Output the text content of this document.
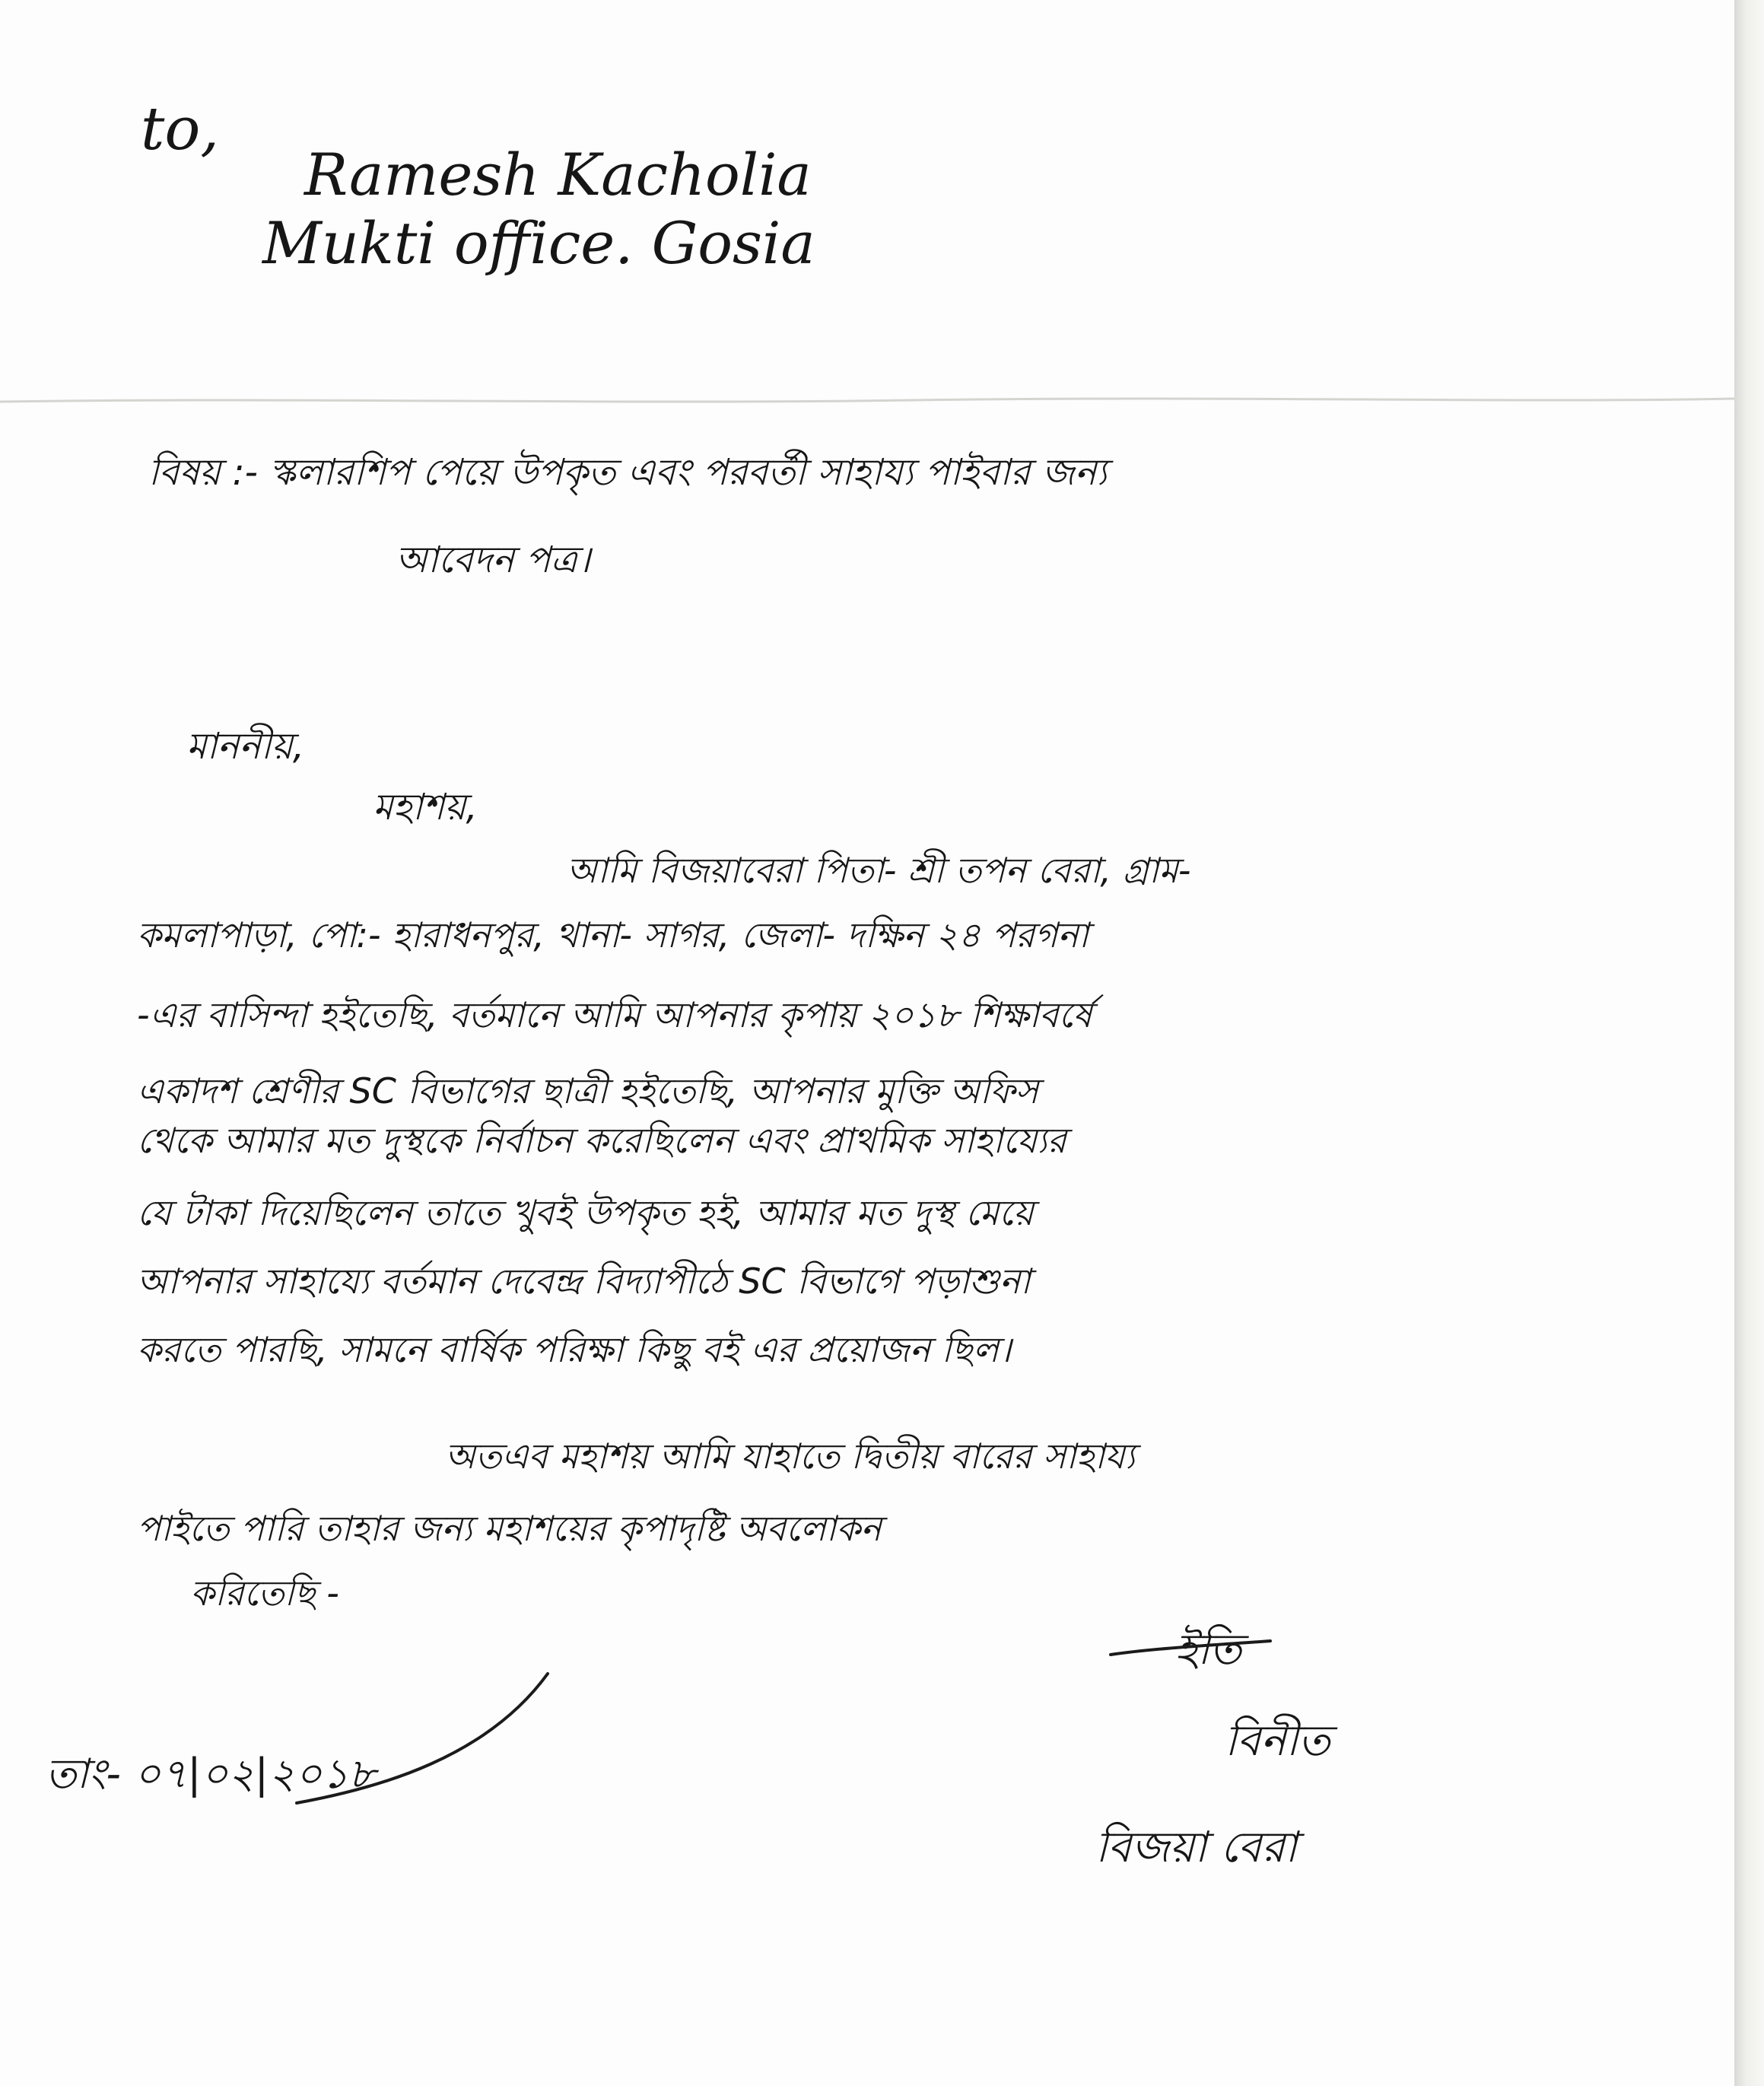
to,
Ramesh Kacholia
Mukti office. Gosia
বিষয় :- স্কলারশিপ পেয়ে উপকৃত এবং পরবর্তী সাহায্য পাইবার জন্য
আবেদন পত্র।
মাননীয়,
মহাশয়,
আমি বিজয়াবেরা পিতা- শ্রী তপন বেরা, গ্রাম-
কমলাপাড়া, পো:- হারাধনপুর, থানা- সাগর, জেলা- দক্ষিন ২৪ পরগনা
-এর বাসিন্দা হইতেছি, বর্তমানে আমি আপনার কৃপায় ২০১৮ শিক্ষাবর্ষে
একাদশ শ্রেণীর SC বিভাগের ছাত্রী হইতেছি, আপনার মুক্তি অফিস
থেকে আমার মত দুস্থকে নির্বাচন করেছিলেন এবং প্রাথমিক সাহায্যের
যে টাকা দিয়েছিলেন তাতে খুবই উপকৃত হই, আমার মত দুস্থ মেয়ে
আপনার সাহায্যে বর্তমান দেবেন্দ্র বিদ্যাপীঠে SC বিভাগে পড়াশুনা
করতে পারছি, সামনে বার্ষিক পরিক্ষা কিছু বই এর প্রয়োজন ছিল।
অতএব মহাশয় আমি যাহাতে দ্বিতীয় বারের সাহায্য
পাইতে পারি তাহার জন্য মহাশয়ের কৃপাদৃষ্টি অবলোকন
করিতেছি -
তাং- ০৭|০২|২০১৮
ইতি
বিনীত
বিজয়া বেরা
